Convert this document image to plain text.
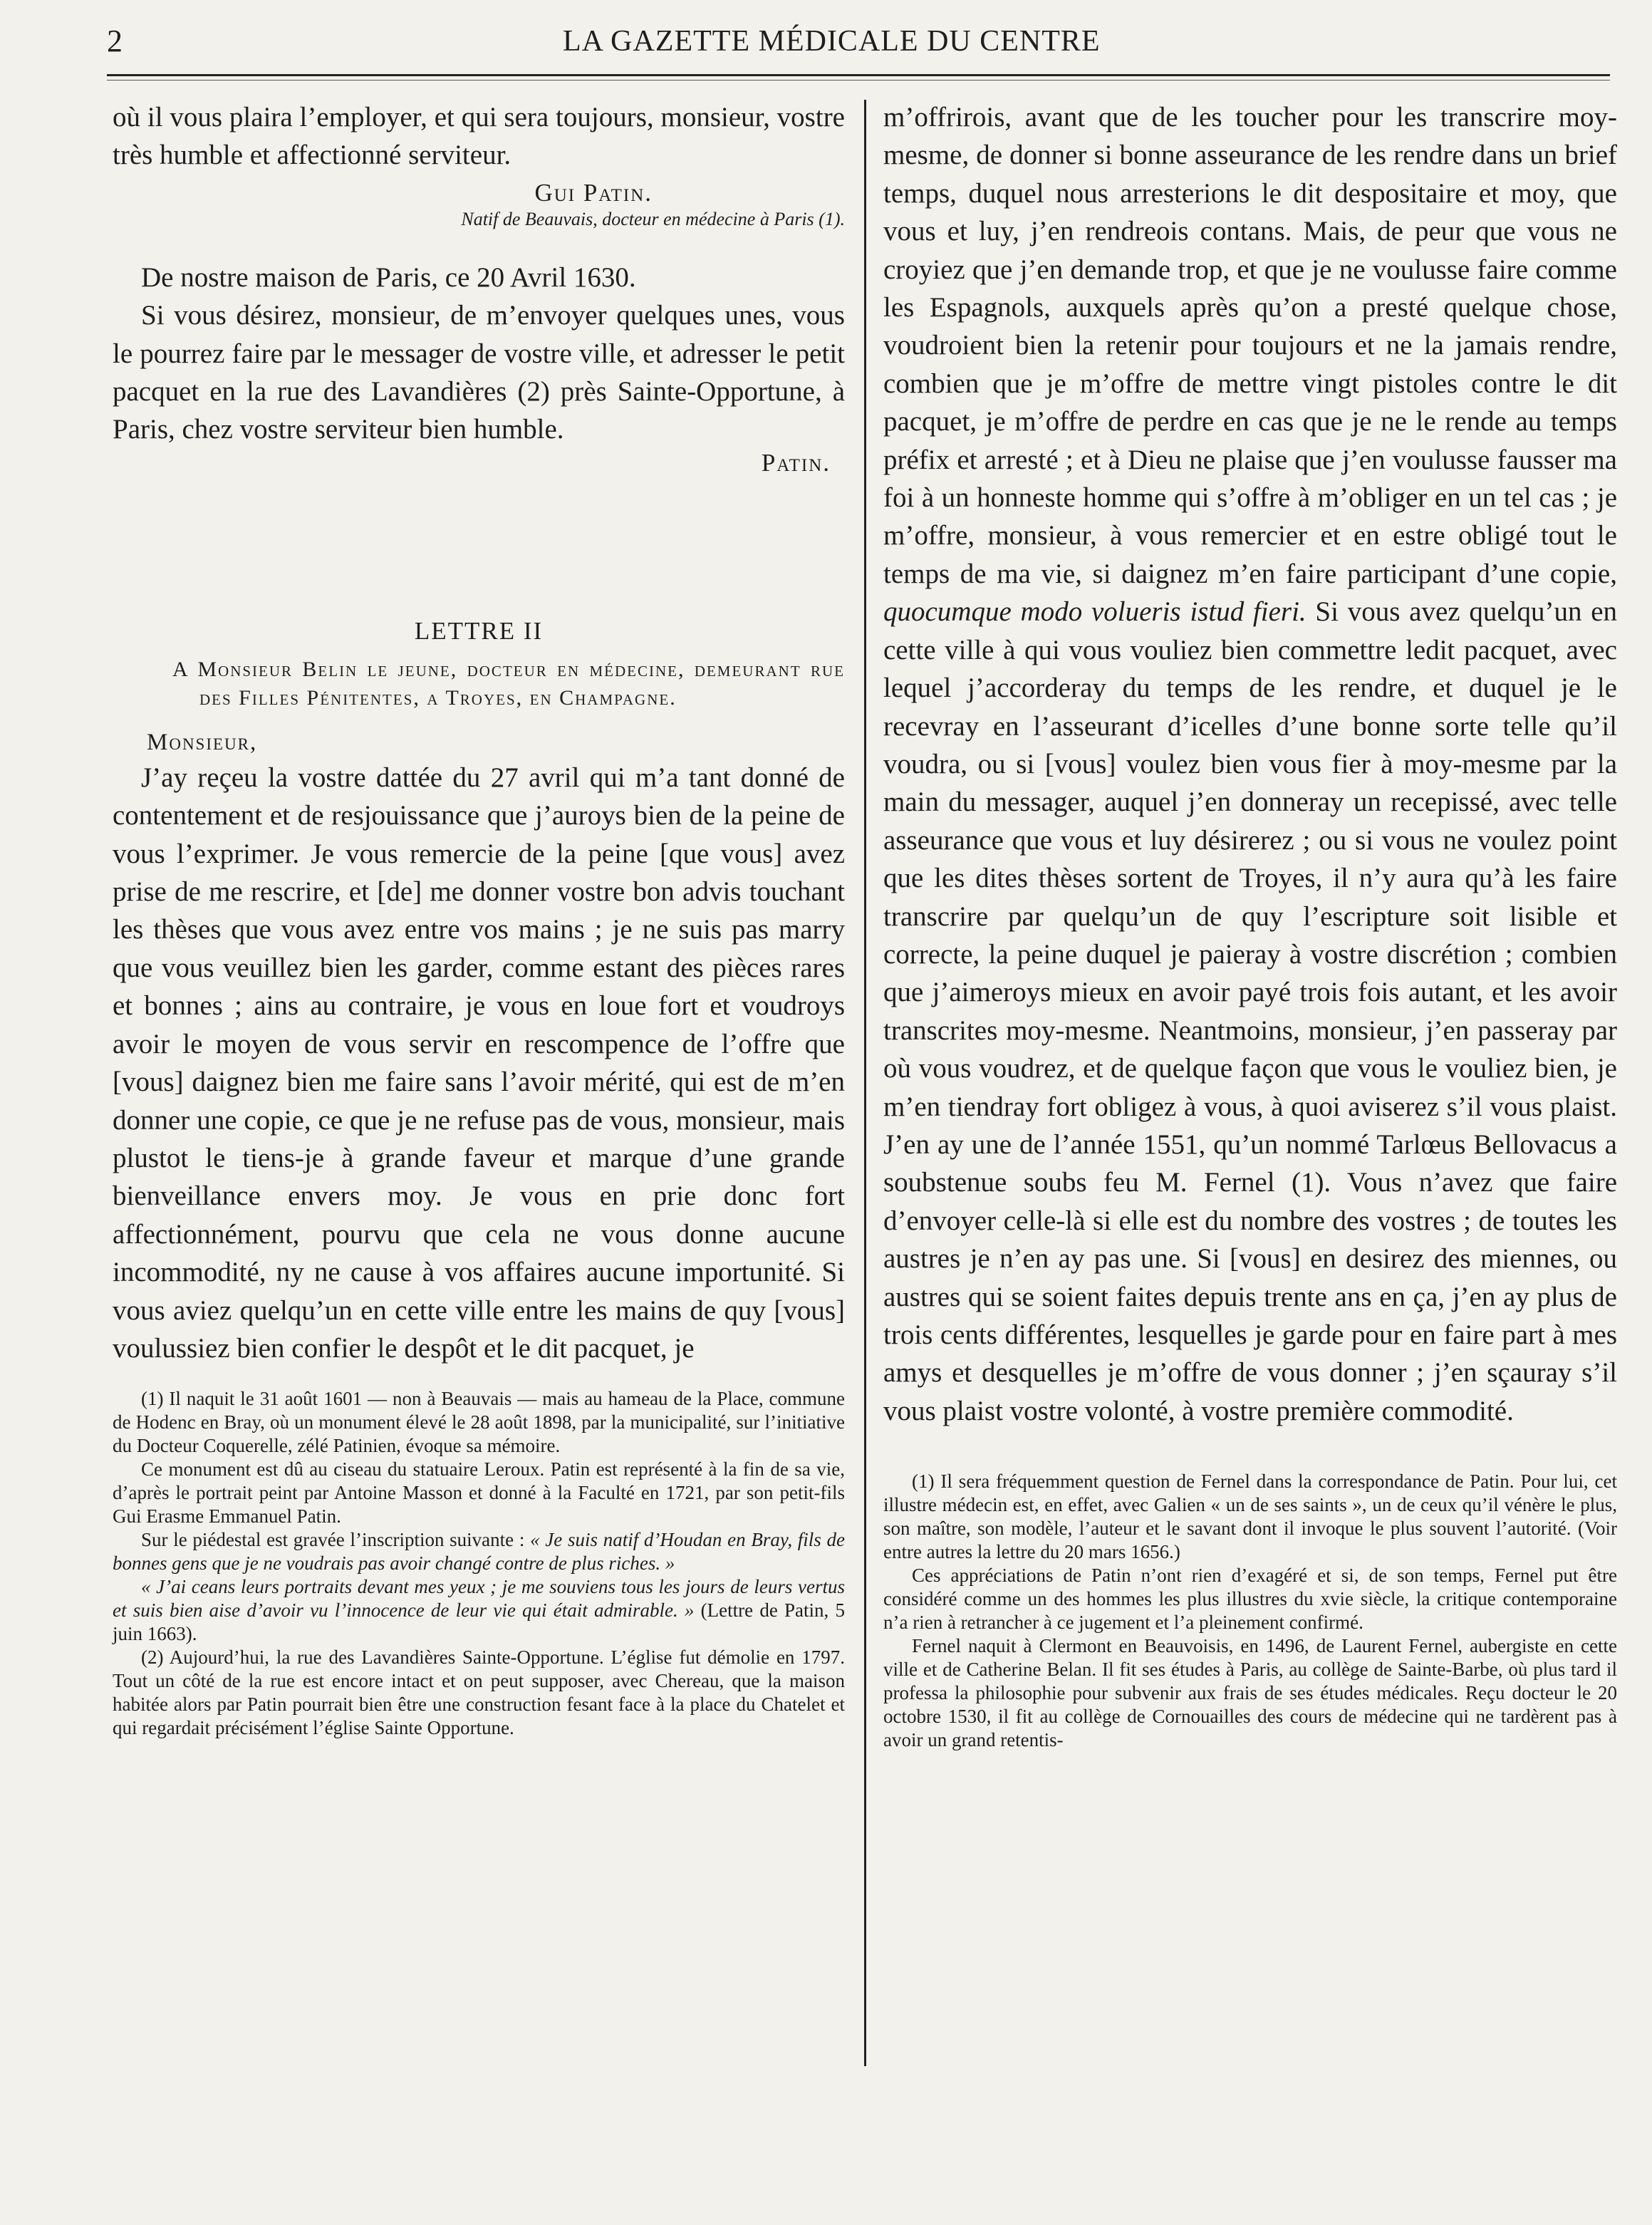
2	LA GAZETTE MÉDICALE DU CENTRE

où il vous plaira l’employer, et qui sera toujours, monsieur, vostre très humble et affectionné serviteur.

Gui Patin.

Natif de Beauvais, docteur en médecine à Paris (1).

De nostre maison de Paris, ce 20 Avril 1630.

Si vous désirez, monsieur, de m’envoyer quelques unes, vous le pourrez faire par le messager de vostre ville, et adresser le petit pacquet en la rue des Lavandières (2) près Sainte-Opportune, à Paris, chez vostre serviteur bien humble.

Patin.

LETTRE II

A Monsieur Belin le jeune, docteur en médecine, demeurant rue des Filles Pénitentes, a Troyes, en Champagne.

Monsieur,

J’ay reçeu la vostre dattée du 27 avril qui m’a tant donné de contentement et de resjouissance que j’auroys bien de la peine de vous l’exprimer. Je vous remercie de la peine [que vous] avez prise de me rescrire, et [de] me donner vostre bon advis touchant les thèses que vous avez entre vos mains ; je ne suis pas marry que vous veuillez bien les garder, comme estant des pièces rares et bonnes ; ains au contraire, je vous en loue fort et voudroys avoir le moyen de vous servir en rescompence de l’offre que [vous] daignez bien me faire sans l’avoir mérité, qui est de m’en donner une copie, ce que je ne refuse pas de vous, monsieur, mais plustot le tiens-je à grande faveur et marque d’une grande bienveillance envers moy. Je vous en prie donc fort affectionnément, pourvu que cela ne vous donne aucune incommodité, ny ne cause à vos affaires aucune importunité. Si vous aviez quelqu’un en cette ville entre les mains de quy [vous] voulussiez bien confier le despôt et le dit pacquet, je

(1) Il naquit le 31 août 1601 — non à Beauvais — mais au hameau de la Place, commune de Hodenc en Bray, où un monument élevé le 28 août 1898, par la municipalité, sur l’initiative du Docteur Coquerelle, zélé Patinien, évoque sa mémoire.

Ce monument est dû au ciseau du statuaire Leroux. Patin est représenté à la fin de sa vie, d’après le portrait peint par Antoine Masson et donné à la Faculté en 1721, par son petit-fils Gui Erasme Emmanuel Patin.

Sur le piédestal est gravée l’inscription suivante : « Je suis natif d’Houdan en Bray, fils de bonnes gens que je ne voudrais pas avoir changé contre de plus riches. »

« J’ai ceans leurs portraits devant mes yeux ; je me souviens tous les jours de leurs vertus et suis bien aise d’avoir vu l’innocence de leur vie qui était admirable. » (Lettre de Patin, 5 juin 1663).

(2) Aujourd’hui, la rue des Lavandières Sainte-Opportune. L’église fut démolie en 1797. Tout un côté de la rue est encore intact et on peut supposer, avec Chereau, que la maison habitée alors par Patin pourrait bien être une construction fesant face à la place du Chatelet et qui regardait précisément l’église Sainte Opportune.

m’offrirois, avant que de les toucher pour les transcrire moy-mesme, de donner si bonne asseurance de les rendre dans un brief temps, duquel nous arresterions le dit despositaire et moy, que vous et luy, j’en rendreois contans. Mais, de peur que vous ne croyiez que j’en demande trop, et que je ne voulusse faire comme les Espagnols, auxquels après qu’on a presté quelque chose, voudroient bien la retenir pour toujours et ne la jamais rendre, combien que je m’offre de mettre vingt pistoles contre le dit pacquet, je m’offre de perdre en cas que je ne le rende au temps préfix et arresté ; et à Dieu ne plaise que j’en voulusse fausser ma foi à un honneste homme qui s’offre à m’obliger en un tel cas ; je m’offre, monsieur, à vous remercier et en estre obligé tout le temps de ma vie, si daignez m’en faire participant d’une copie, quocumque modo volueris istud fieri. Si vous avez quelqu’un en cette ville à qui vous vouliez bien commettre ledit pacquet, avec lequel j’accorderay du temps de les rendre, et duquel je le recevray en l’asseurant d’icelles d’une bonne sorte telle qu’il voudra, ou si [vous] voulez bien vous fier à moy-mesme par la main du messager, auquel j’en donneray un recepissé, avec telle asseurance que vous et luy désirerez ; ou si vous ne voulez point que les dites thèses sortent de Troyes, il n’y aura qu’à les faire transcrire par quelqu’un de quy l’escripture soit lisible et correcte, la peine duquel je paieray à vostre discrétion ; combien que j’aimeroys mieux en avoir payé trois fois autant, et les avoir transcrites moy-mesme. Neantmoins, monsieur, j’en passeray par où vous voudrez, et de quelque façon que vous le vouliez bien, je m’en tiendray fort obligez à vous, à quoi aviserez s’il vous plaist. J’en ay une de l’année 1551, qu’un nommé Tarlœus Bellovacus a soubstenue soubs feu M. Fernel (1). Vous n’avez que faire d’envoyer celle-là si elle est du nombre des vostres ; de toutes les austres je n’en ay pas une. Si [vous] en desirez des miennes, ou austres qui se soient faites depuis trente ans en ça, j’en ay plus de trois cents différentes, lesquelles je garde pour en faire part à mes amys et desquelles je m’offre de vous donner ; j’en sçauray s’il vous plaist vostre volonté, à vostre première commodité.

(1) Il sera fréquemment question de Fernel dans la correspondance de Patin. Pour lui, cet illustre médecin est, en effet, avec Galien « un de ses saints », un de ceux qu’il vénère le plus, son maître, son modèle, l’auteur et le savant dont il invoque le plus souvent l’autorité. (Voir entre autres la lettre du 20 mars 1656.)

Ces appréciations de Patin n’ont rien d’exagéré et si, de son temps, Fernel put être considéré comme un des hommes les plus illustres du xvie siècle, la critique contemporaine n’a rien à retrancher à ce jugement et l’a pleinement confirmé.

Fernel naquit à Clermont en Beauvoisis, en 1496, de Laurent Fernel, aubergiste en cette ville et de Catherine Belan. Il fit ses études à Paris, au collège de Sainte-Barbe, où plus tard il professa la philosophie pour subvenir aux frais de ses études médicales. Reçu docteur le 20 octobre 1530, il fit au collège de Cornouailles des cours de médecine qui ne tardèrent pas à avoir un grand retentis-
